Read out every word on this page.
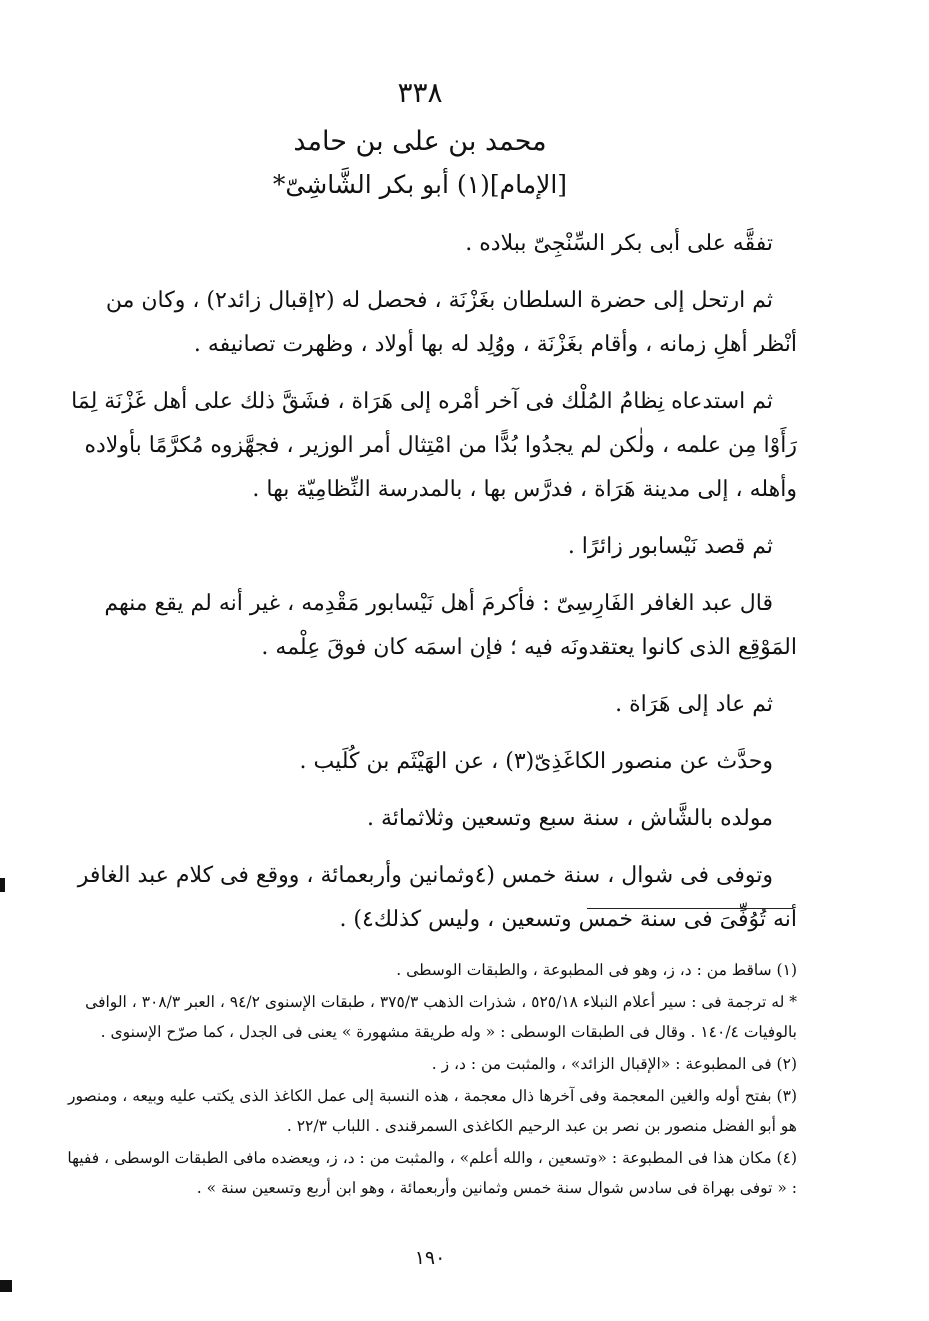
٣٣٨
محمد بن على بن حامد
[الإمام](١) أبو بكر الشَّاشِىّ*

تفقَّه على أبى بكر السِّنْجِىّ ببلاده .

ثم ارتحل إلى حضرة السلطان بغَزْنَة ، فحصل له (٢إقبال زائد٢) ، وكان من أنْظر أهلِ زمانه ، وأقام بغَزْنَة ، ووُلِد له بها أولاد ، وظهرت تصانيفه .

ثم استدعاه نِظامُ المُلْك فى آخر أمْره إلى هَرَاة ، فشَقَّ ذلك على أهل غَزْنَة لِمَا رَأَوْا مِن علمه ، ولٰكن لم يجدُوا بُدًّا من امْتِثال أمر الوزير ، فجهَّزوه مُكرَّمًا بأولاده وأهله ، إلى مدينة هَرَاة ، فدرَّس بها ، بالمدرسة النِّظامِيّة بها .

ثم قصد نَيْسابور زائرًا .

قال عبد الغافر الفَارِسِىّ : فأكرمَ أهل نَيْسابور مَقْدِمه ، غير أنه لم يقع منهم المَوْقِع الذى كانوا يعتقدونَه فيه ؛ فإن اسمَه كان فوقَ عِلْمه .

ثم عاد إلى هَرَاة .

وحدَّث عن منصور الكاغَذِىّ(٣) ، عن الهَيْثَم بن كُلَيب .

مولده بالشَّاش ، سنة سبع وتسعين وثلاثمائة .

وتوفى فى شوال ، سنة خمس (٤وثمانين وأربعمائة ، ووقع فى كلام عبد الغافر أنه تُوُفِّىَ فى سنة خمس وتسعين ، وليس كذلك٤) .

(١) ساقط من : د، ز، وهو فى المطبوعة ، والطبقات الوسطى .

* له ترجمة فى : سير أعلام النبلاء ٥٢٥/١٨ ، شذرات الذهب ٣٧٥/٣ ، طبقات الإسنوى ٩٤/٢ ، العبر ٣٠٨/٣ ، الوافى بالوفيات ١٤٠/٤ . وقال فى الطبقات الوسطى : « وله طريقة مشهورة » يعنى فى الجدل ، كما صرّح الإسنوى .

(٢) فى المطبوعة : «الإقبال الزائد» ، والمثبت من : د، ز .

(٣) بفتح أوله والغين المعجمة وفى آخرها ذال معجمة ، هذه النسبة إلى عمل الكاغذ الذى يكتب عليه وبيعه ، ومنصور هو أبو الفضل منصور بن نصر بن عبد الرحيم الكاغذى السمرقندى . اللباب ٢٢/٣ .

(٤) مكان هذا فى المطبوعة : «وتسعين ، والله أعلم» ، والمثبت من : د، ز، ويعضده مافى الطبقات الوسطى ، ففيها : « توفى بهراة فى سادس شوال سنة خمس وثمانين وأربعمائة ، وهو ابن أربع وتسعين سنة » .

١٩٠
